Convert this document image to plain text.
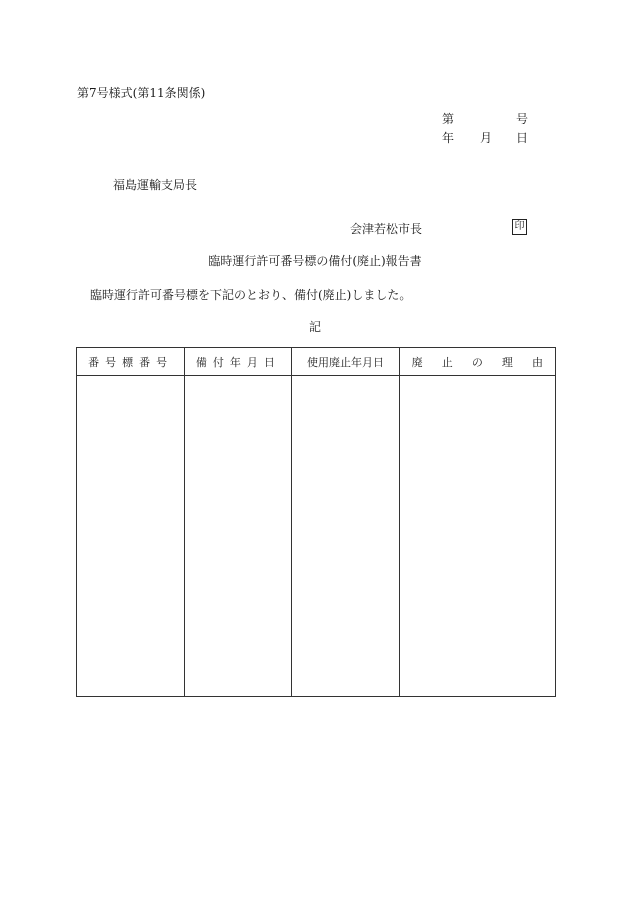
第7号様式(第11条関係)
第	号
年 月 日
福島運輸支局長
会津若松市長	印
臨時運行許可番号標の備付(廃止)報告書
臨時運行許可番号標を下記のとおり、備付(廃止)しました。
記
番号標番号	備付年月日	使用廃止年月日	廃 止 の 理 由
